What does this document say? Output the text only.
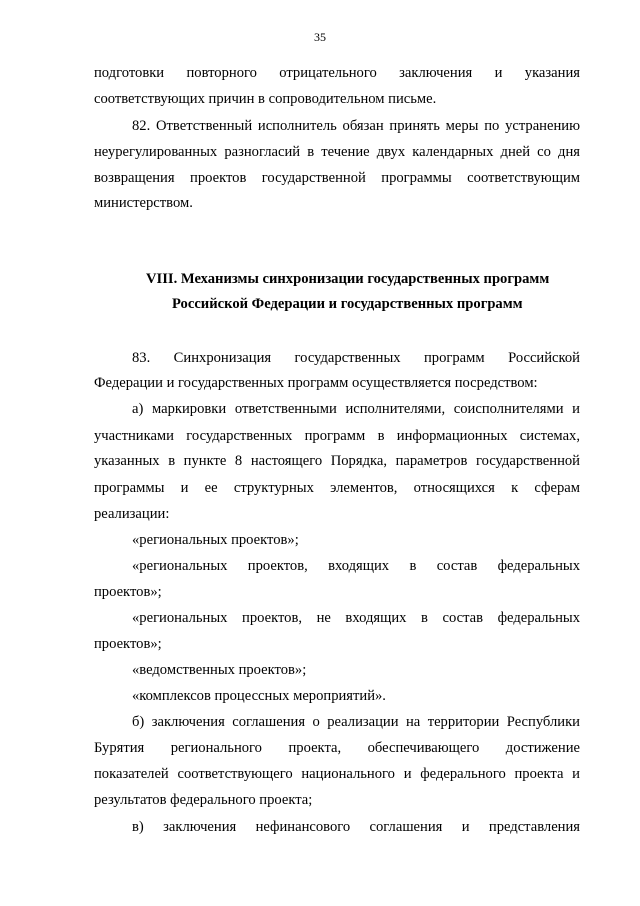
35
подготовки повторного отрицательного заключения и указания
соответствующих причин в сопроводительном письме.
82. Ответственный исполнитель обязан принять меры по устранению
неурегулированных разногласий в течение двух календарных дней со дня
возвращения проектов государственной программы соответствующим
министерством.
VIII. Механизмы синхронизации государственных программ
Российской Федерации и государственных программ
83. Синхронизация государственных программ Российской
Федерации и государственных программ осуществляется посредством:
а) маркировки ответственными исполнителями, соисполнителями и
участниками государственных программ в информационных системах,
указанных в пункте 8 настоящего Порядка, параметров государственной
программы и ее структурных элементов, относящихся к сферам
реализации:
«региональных проектов»;
«региональных проектов, входящих в состав федеральных
проектов»;
«региональных проектов, не входящих в состав федеральных
проектов»;
«ведомственных проектов»;
«комплексов процессных мероприятий».
б) заключения соглашения о реализации на территории Республики
Бурятия регионального проекта, обеспечивающего достижение
показателей соответствующего национального и федерального проекта и
результатов федерального проекта;
в) заключения нефинансового соглашения и представления
